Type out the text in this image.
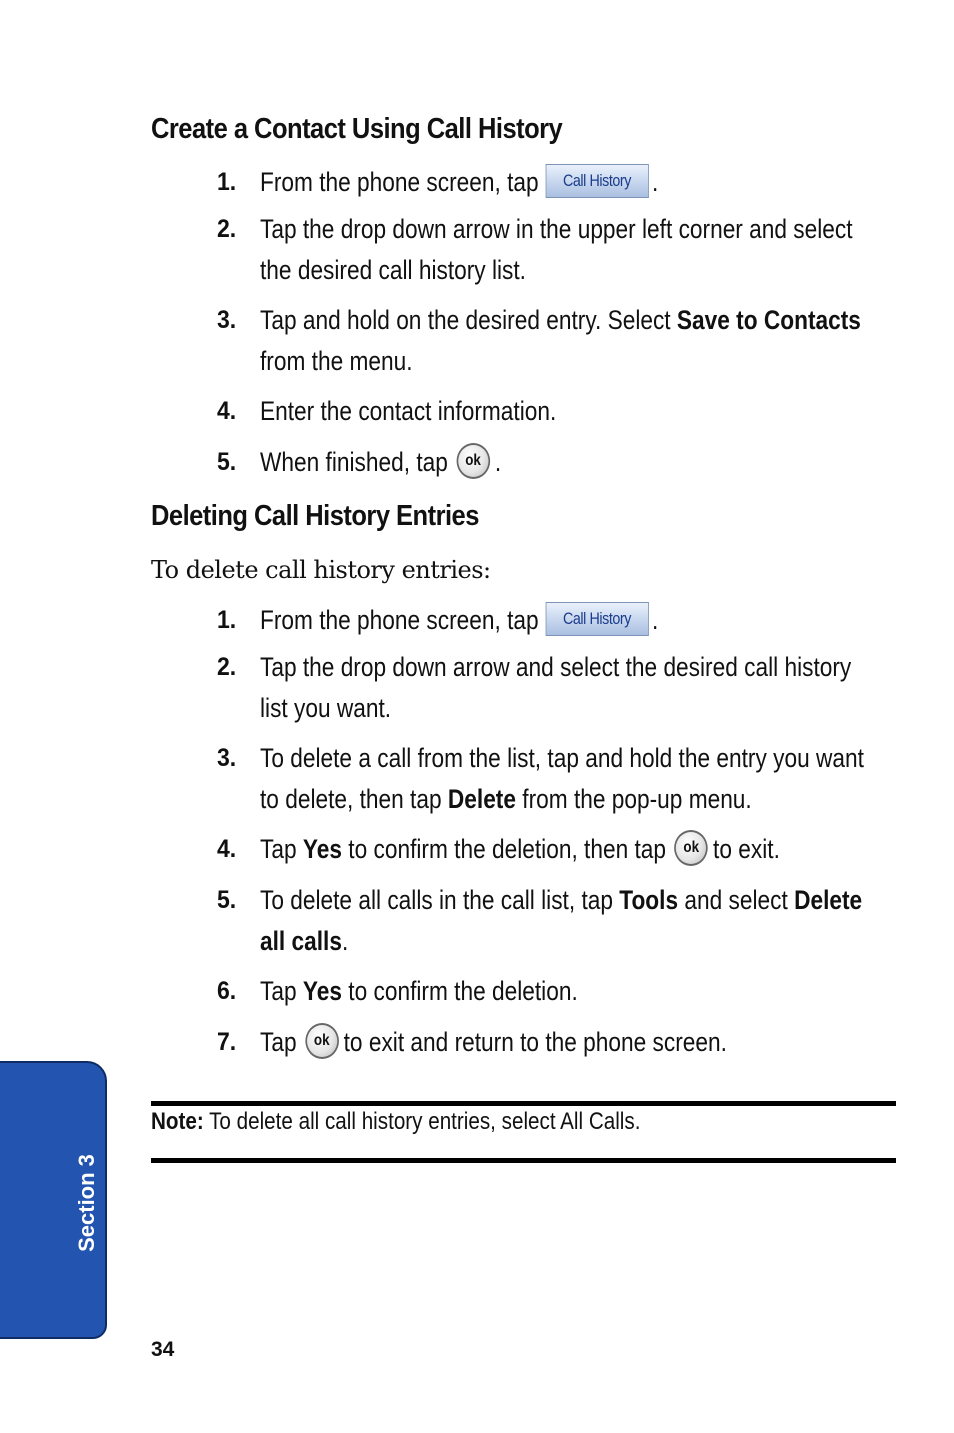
Create a Contact Using Call History
1. From the phone screen, tap Call History .
2. Tap the drop down arrow in the upper left corner and select the desired call history list.
3. Tap and hold on the desired entry. Select Save to Contacts from the menu.
4. Enter the contact information.
5. When finished, tap ok .
Deleting Call History Entries

To delete call history entries:

1. From the phone screen, tap Call History .
2. Tap the drop down arrow and select the desired call history list you want.
3. To delete a call from the list, tap and hold the entry you want to delete, then tap Delete from the pop-up menu.
4. Tap Yes to confirm the deletion, then tap ok to exit.
5. To delete all calls in the call list, tap Tools and select Delete all calls.
6. Tap Yes to confirm the deletion.
7. Tap ok to exit and return to the phone screen.

Note: To delete all call history entries, select All Calls.

Section 3

34
